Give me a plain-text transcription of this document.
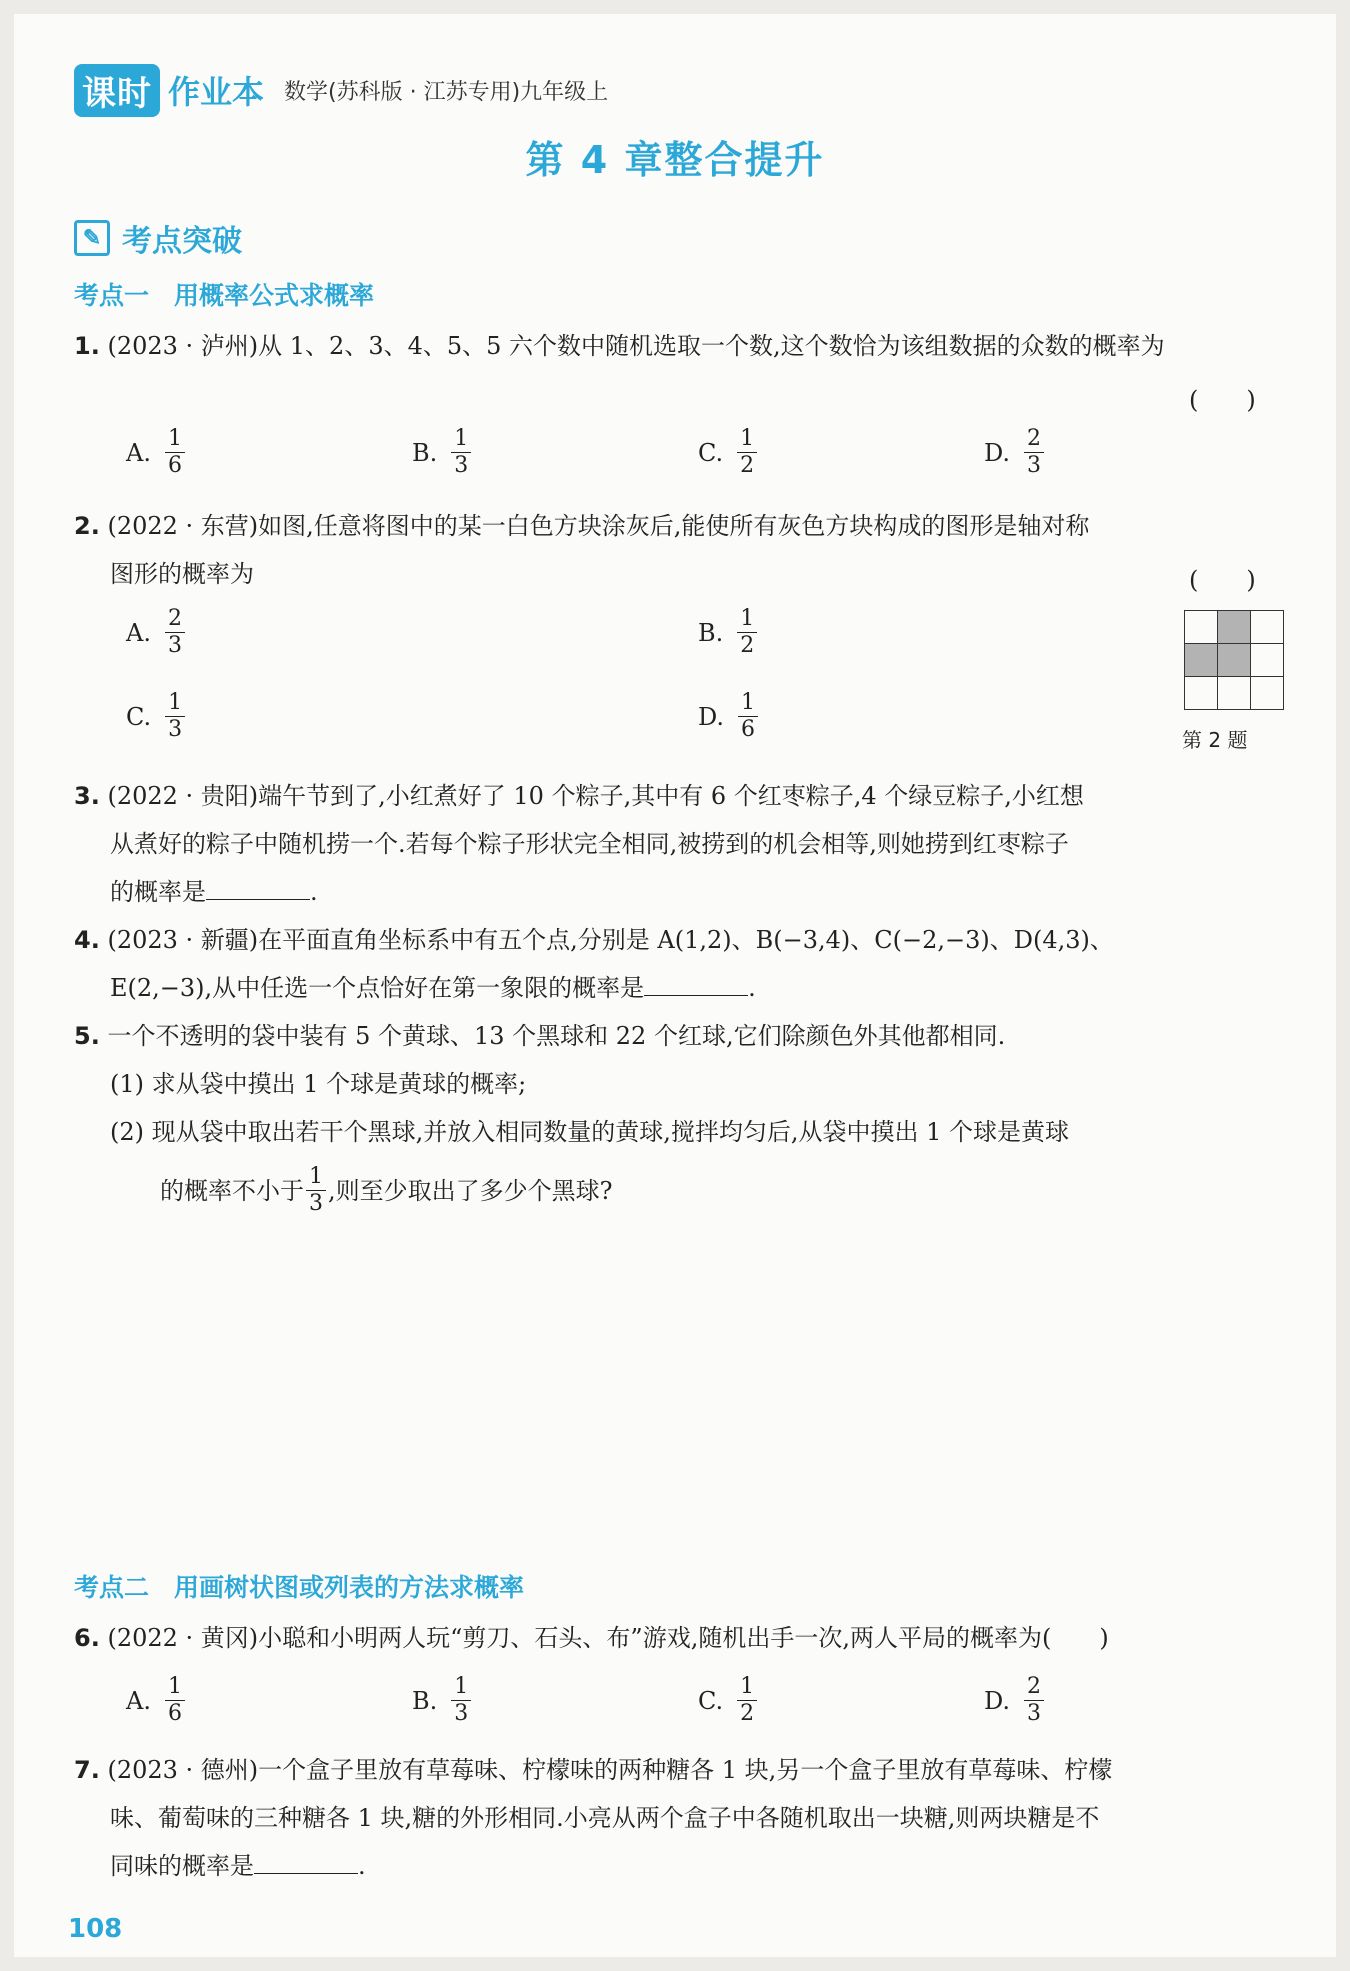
课时 作业本 数学(苏科版 · 江苏专用)九年级上
第 4 章整合提升
✎ 考点突破
考点一　用概率公式求概率
1. (2023 · 泸州)从 1、2、3、4、5、5 六个数中随机选取一个数,这个数恰为该组数据的众数的概率为
(　　)
A. $\frac{1}{6}$	B. $\frac{1}{3}$	C. $\frac{1}{2}$	D. $\frac{2}{3}$
2. (2022 · 东营)如图,任意将图中的某一白色方块涂灰后,能使所有灰色方块构成的图形是轴对称
图形的概率为	(　　)
A. $\frac{2}{3}$	B. $\frac{1}{2}$
C. $\frac{1}{3}$	D. $\frac{1}{6}$

			第 2 题
3. (2022 · 贵阳)端午节到了,小红煮好了 10 个粽子,其中有 6 个红枣粽子,4 个绿豆粽子,小红想
从煮好的粽子中随机捞一个.若每个粽子形状完全相同,被捞到的机会相等,则她捞到红枣粽子
的概率是	.
4. (2023 · 新疆)在平面直角坐标系中有五个点,分别是 A(1,2)、B(−3,4)、C(−2,−3)、D(4,3)、
E(2,−3),从中任选一个点恰好在第一象限的概率是	.
5. 一个不透明的袋中装有 5 个黄球、13 个黑球和 22 个红球,它们除颜色外其他都相同.
(1) 求从袋中摸出 1 个球是黄球的概率;
(2) 现从袋中取出若干个黑球,并放入相同数量的黄球,搅拌均匀后,从袋中摸出 1 个球是黄球
的概率不小于 $\frac{1}{3}$ ,则至少取出了多少个黑球?
考点二　用画树状图或列表的方法求概率
6. (2022 · 黄冈)小聪和小明两人玩“剪刀、石头、布”游戏,随机出手一次,两人平局的概率为(　　)
A. $\frac{1}{6}$	B. $\frac{1}{3}$	C. $\frac{1}{2}$	D. $\frac{2}{3}$
7. (2023 · 德州)一个盒子里放有草莓味、柠檬味的两种糖各 1 块,另一个盒子里放有草莓味、柠檬
味、葡萄味的三种糖各 1 块,糖的外形相同.小亮从两个盒子中各随机取出一块糖,则两块糖是不
同味的概率是	.
108
